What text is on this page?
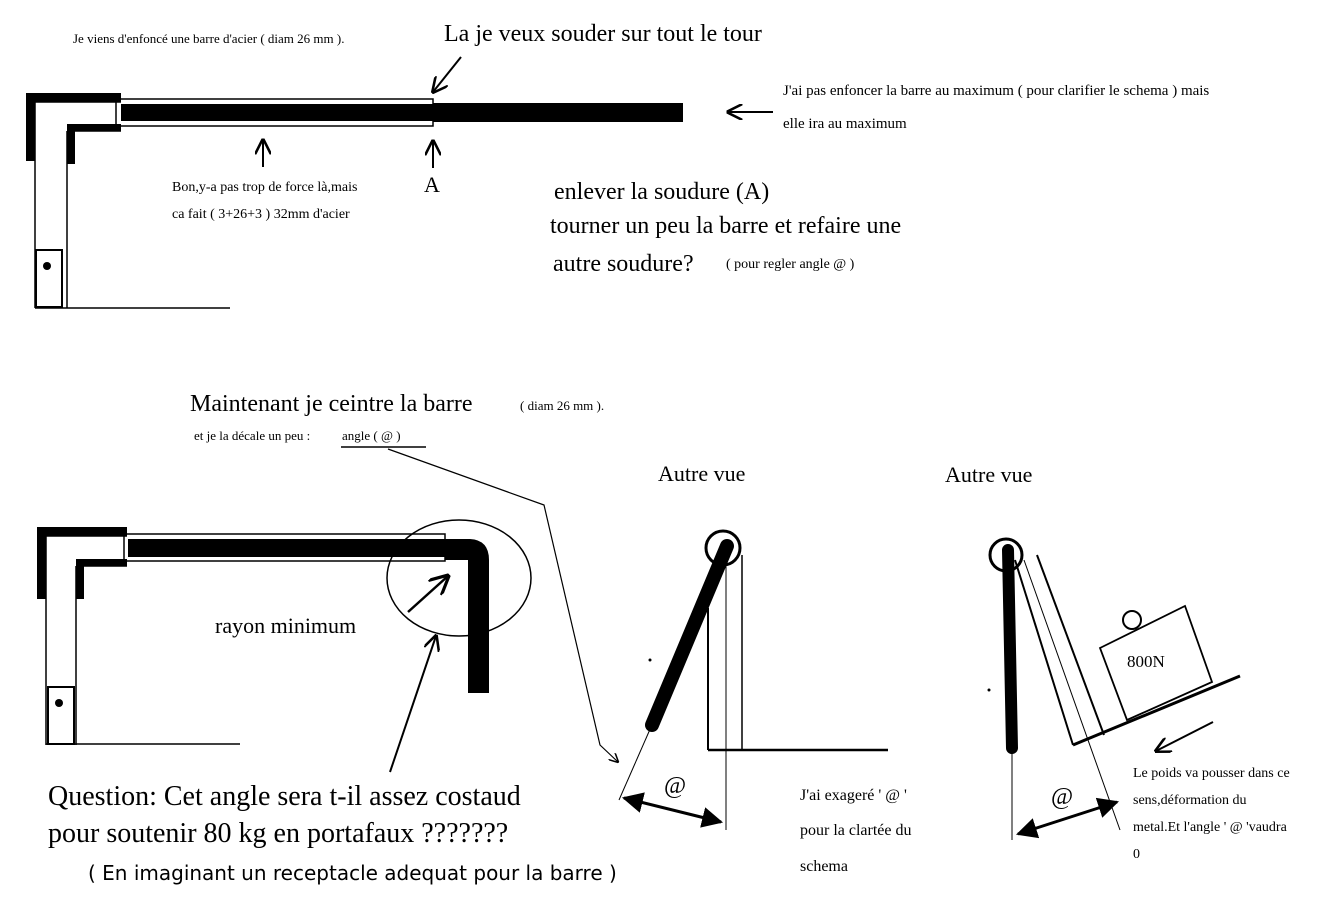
Je viens d'enfoncé une barre d'acier ( diam 26 mm ).	La je veux souder sur tout le tour
J'ai pas enfoncer la barre au maximum ( pour clarifier le schema ) mais
elle ira au maximum
Bon,y-a pas trop de force là,mais
ca fait ( 3+26+3 ) 32mm d'acier
A	enlever la soudure (A)
tourner un peu la barre et refaire une
autre soudure? ( pour regler angle @ )
Maintenant je ceintre la barre	( diam 26 mm ).
et je la décale un peu : angle ( @ )
rayon minimum
Autre vue	Autre vue
@	@
800N
J'ai exageré ' @ '
pour la clartée du
schema
Le poids va pousser dans ce
sens,déformation du
metal.Et l'angle ' @ 'vaudra
0
Question: Cet angle sera t-il assez costaud
pour soutenir 80 kg en portafaux ???????
( En imaginant un receptacle adequat pour la barre )
